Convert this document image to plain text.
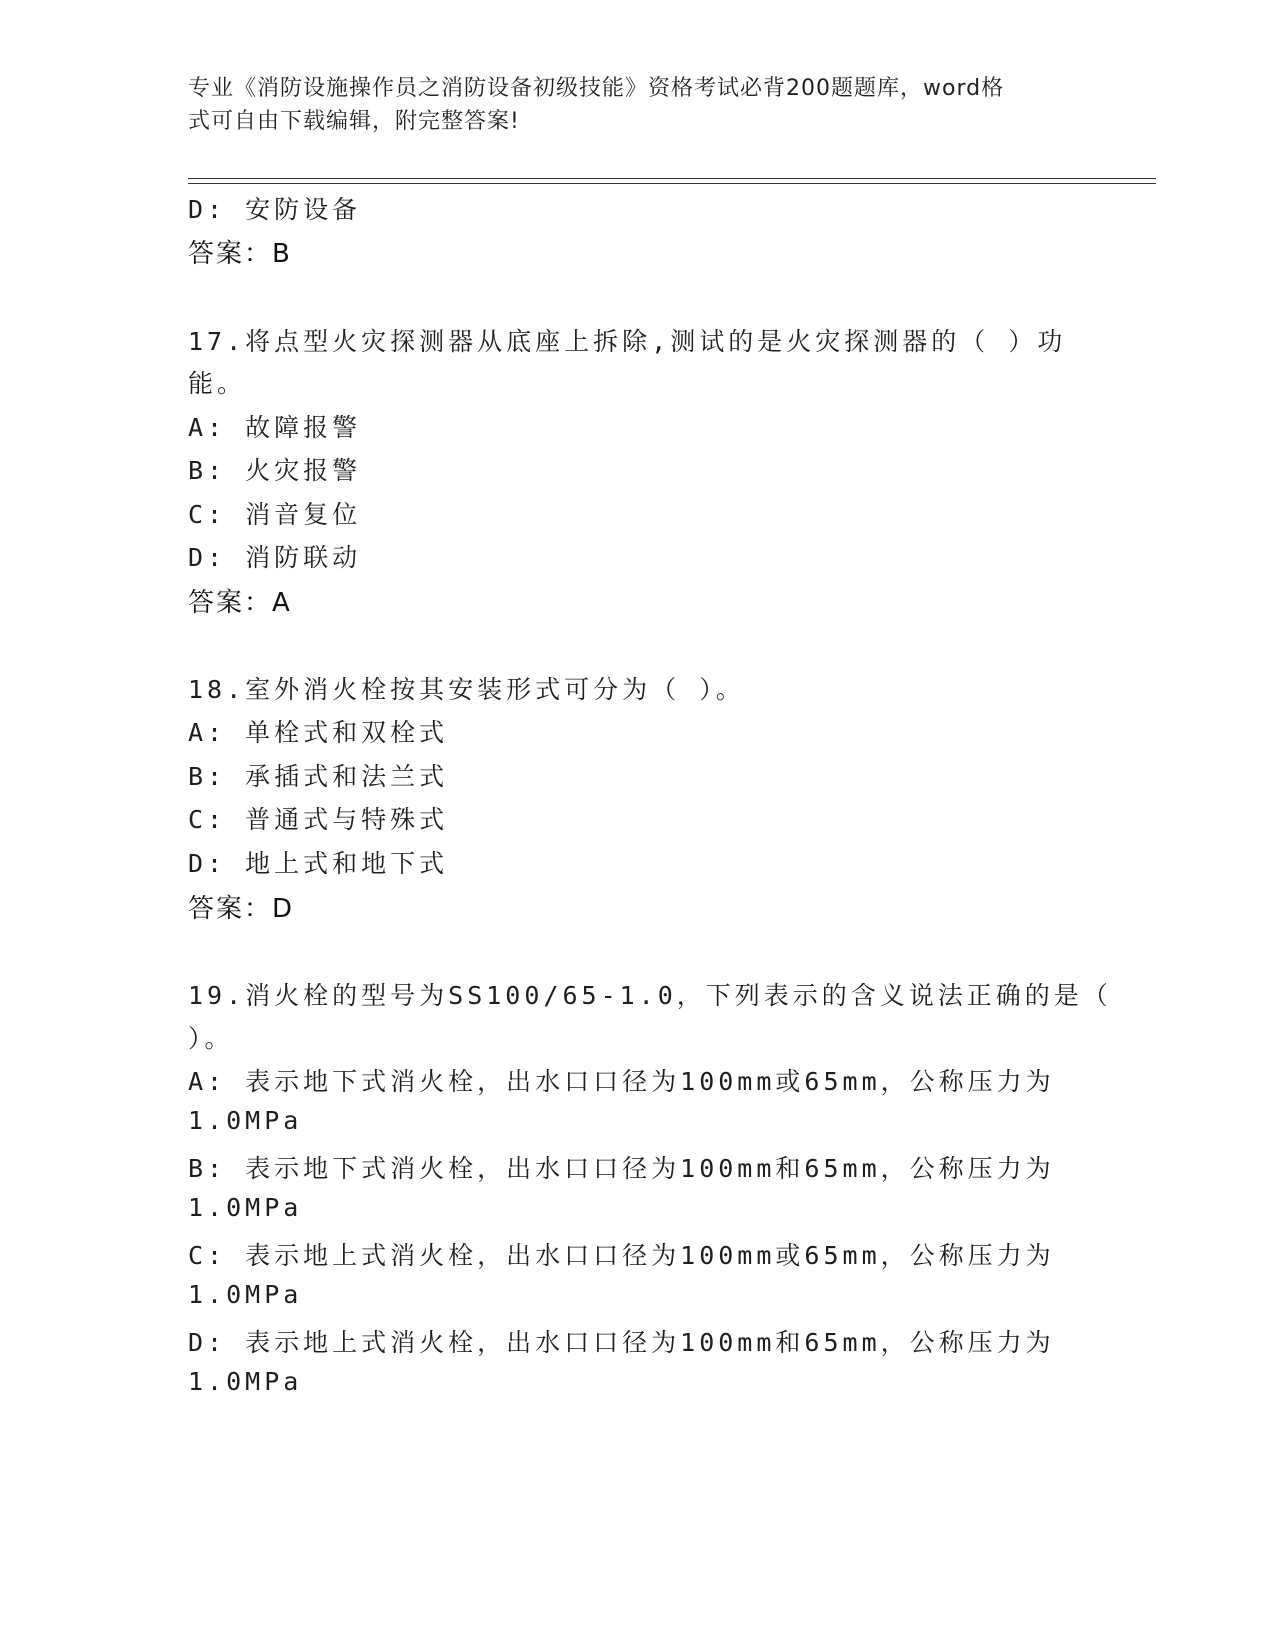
专业《消防设施操作员之消防设备初级技能》资格考试必背200题题库，word格
式可自由下载编辑，附完整答案!
D: 安防设备
答案：B
17.将点型火灾探测器从底座上拆除,测试的是火灾探测器的（ ）功
能。
A: 故障报警
B: 火灾报警
C: 消音复位
D: 消防联动
答案：A
18.室外消火栓按其安装形式可分为（ ）。
A: 单栓式和双栓式
B: 承插式和法兰式
C: 普通式与特殊式
D: 地上式和地下式
答案：D
19.消火栓的型号为SS100/65-1.0，下列表示的含义说法正确的是（
）。
A: 表示地下式消火栓，出水口口径为100mm或65mm，公称压力为
1.0MPa
B: 表示地下式消火栓，出水口口径为100mm和65mm，公称压力为
1.0MPa
C: 表示地上式消火栓，出水口口径为100mm或65mm，公称压力为
1.0MPa
D: 表示地上式消火栓，出水口口径为100mm和65mm，公称压力为
1.0MPa
